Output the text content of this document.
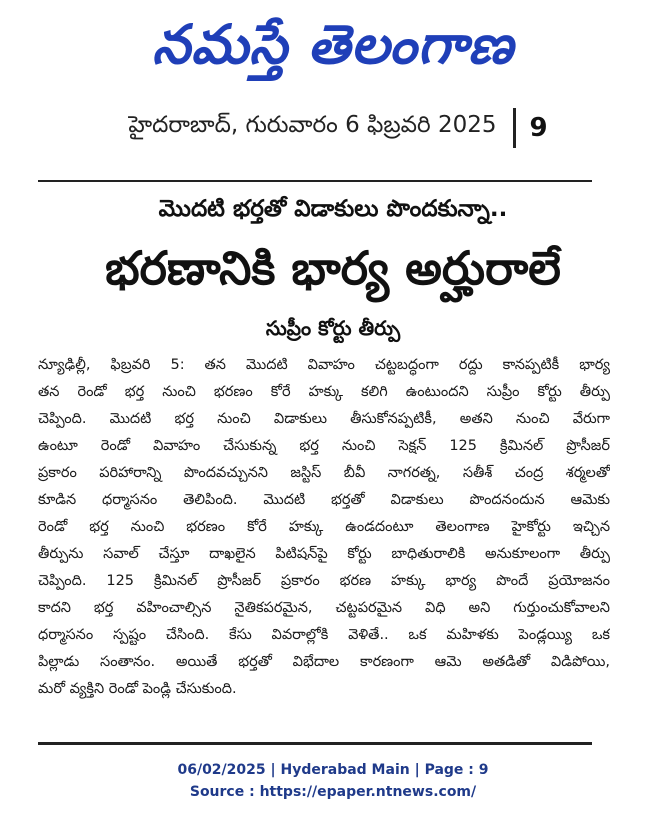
నమస్తే తెలంగాణ
హైదరాబాద్, గురువారం 6 ఫిబ్రవరి 2025 9
మొదటి భర్తతో విడాకులు పొందకున్నా..
భరణానికి భార్య అర్హురాలే
సుప్రీం కోర్టు తీర్పు
న్యూఢిల్లీ, ఫిబ్రవరి 5: తన మొదటి వివాహం చట్టబద్ధంగా రద్దు కానప్పటికీ భార్య
తన రెండో భర్త నుంచి భరణం కోరే హక్కు కలిగి ఉంటుందని సుప్రీం కోర్టు తీర్పు
చెప్పింది. మొదటి భర్త నుంచి విడాకులు తీసుకోనప్పటికీ, అతని నుంచి వేరుగా
ఉంటూ రెండో వివాహం చేసుకున్న భర్త నుంచి సెక్షన్ 125 క్రిమినల్ ప్రొసీజర్
ప్రకారం పరిహారాన్ని పొందవచ్చునని జస్టిస్ బీవీ నాగరత్న, సతీశ్ చంద్ర శర్మలతో
కూడిన ధర్మాసనం తెలిపింది. మొదటి భర్తతో విడాకులు పొందనందున ఆమెకు
రెండో భర్త నుంచి భరణం కోరే హక్కు ఉండదంటూ తెలంగాణ హైకోర్టు ఇచ్చిన
తీర్పును సవాల్ చేస్తూ దాఖలైన పిటిషన్‌పై కోర్టు బాధితురాలికి అనుకూలంగా తీర్పు
చెప్పింది. 125 క్రిమినల్ ప్రొసీజర్ ప్రకారం భరణ హక్కు భార్య పొందే ప్రయోజనం
కాదని భర్త వహించాల్సిన నైతికపరమైన, చట్టపరమైన విధి అని గుర్తుంచుకోవాలని
ధర్మాసనం స్పష్టం చేసింది. కేసు వివరాల్లోకి వెళితే.. ఒక మహిళకు పెండ్లయ్యి ఒక
పిల్లాడు సంతానం. అయితే భర్తతో విభేదాల కారణంగా ఆమె అతడితో విడిపోయి,
మరో వ్యక్తిని రెండో పెండ్లి చేసుకుంది.
06/02/2025 | Hyderabad Main | Page : 9
Source : https://epaper.ntnews.com/
